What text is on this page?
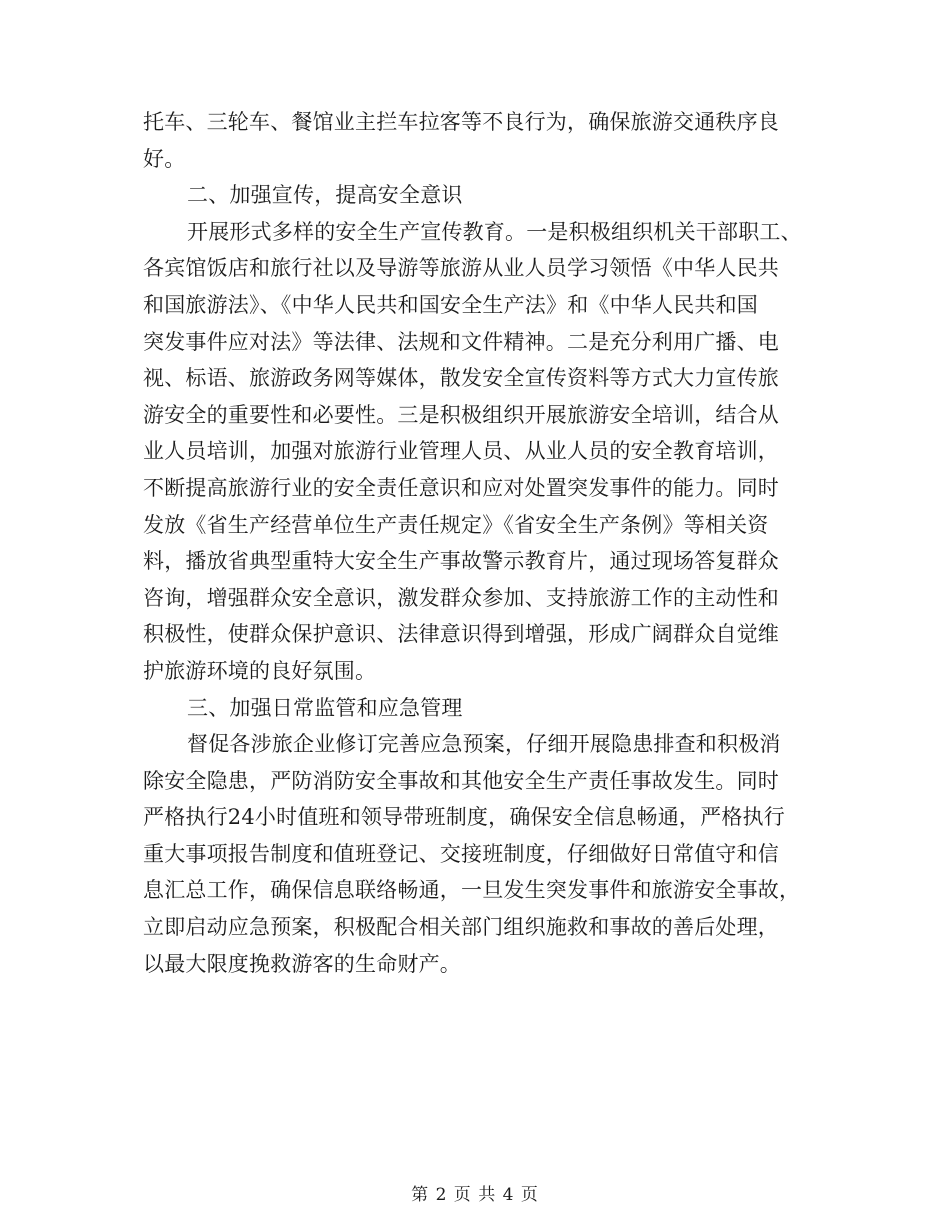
托车、三轮车、餐馆业主拦车拉客等不良行为，确保旅游交通秩序良
好。
二、加强宣传，提高安全意识
开展形式多样的安全生产宣传教育。一是积极组织机关干部职工、
各宾馆饭店和旅行社以及导游等旅游从业人员学习领悟《中华人民共
和国旅游法》、《中华人民共和国安全生产法》和《中华人民共和国
突发事件应对法》等法律、法规和文件精神。二是充分利用广播、电
视、标语、旅游政务网等媒体，散发安全宣传资料等方式大力宣传旅
游安全的重要性和必要性。三是积极组织开展旅游安全培训，结合从
业人员培训，加强对旅游行业管理人员、从业人员的安全教育培训，
不断提高旅游行业的安全责任意识和应对处置突发事件的能力。同时
发放《省生产经营单位生产责任规定》《省安全生产条例》等相关资
料，播放省典型重特大安全生产事故警示教育片，通过现场答复群众
咨询，增强群众安全意识，激发群众参加、支持旅游工作的主动性和
积极性，使群众保护意识、法律意识得到增强，形成广阔群众自觉维
护旅游环境的良好氛围。
三、加强日常监管和应急管理
督促各涉旅企业修订完善应急预案，仔细开展隐患排查和积极消
除安全隐患，严防消防安全事故和其他安全生产责任事故发生。同时
严格执行24小时值班和领导带班制度，确保安全信息畅通，严格执行
重大事项报告制度和值班登记、交接班制度，仔细做好日常值守和信
息汇总工作，确保信息联络畅通，一旦发生突发事件和旅游安全事故，
立即启动应急预案，积极配合相关部门组织施救和事故的善后处理，
以最大限度挽救游客的生命财产。
第 2 页 共 4 页
